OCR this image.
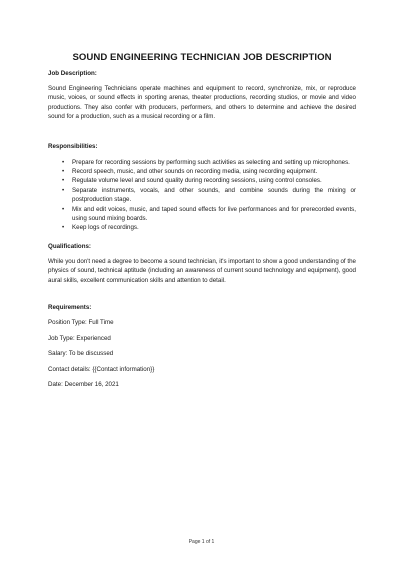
SOUND ENGINEERING TECHNICIAN JOB DESCRIPTION

Job Description:

Sound Engineering Technicians operate machines and equipment to record, synchronize, mix, or reproduce music, voices, or sound effects in sporting arenas, theater productions, recording studios, or movie and video productions. They also confer with producers, performers, and others to determine and achieve the desired sound for a production, such as a musical recording or a film.

Responsibilities:

• Prepare for recording sessions by performing such activities as selecting and setting up microphones.
• Record speech, music, and other sounds on recording media, using recording equipment.
• Regulate volume level and sound quality during recording sessions, using control consoles.
• Separate instruments, vocals, and other sounds, and combine sounds during the mixing or postproduction stage.
• Mix and edit voices, music, and taped sound effects for live performances and for prerecorded events, using sound mixing boards.
• Keep logs of recordings.

Qualifications:

While you don't need a degree to become a sound technician, it's important to show a good understanding of the physics of sound, technical aptitude (including an awareness of current sound technology and equipment), good aural skills, excellent communication skills and attention to detail.

Requirements:

Position Type: Full Time

Job Type: Experienced

Salary: To be discussed

Contact details: {{Contact information}}

Date: December 16, 2021

Page 1 of 1
